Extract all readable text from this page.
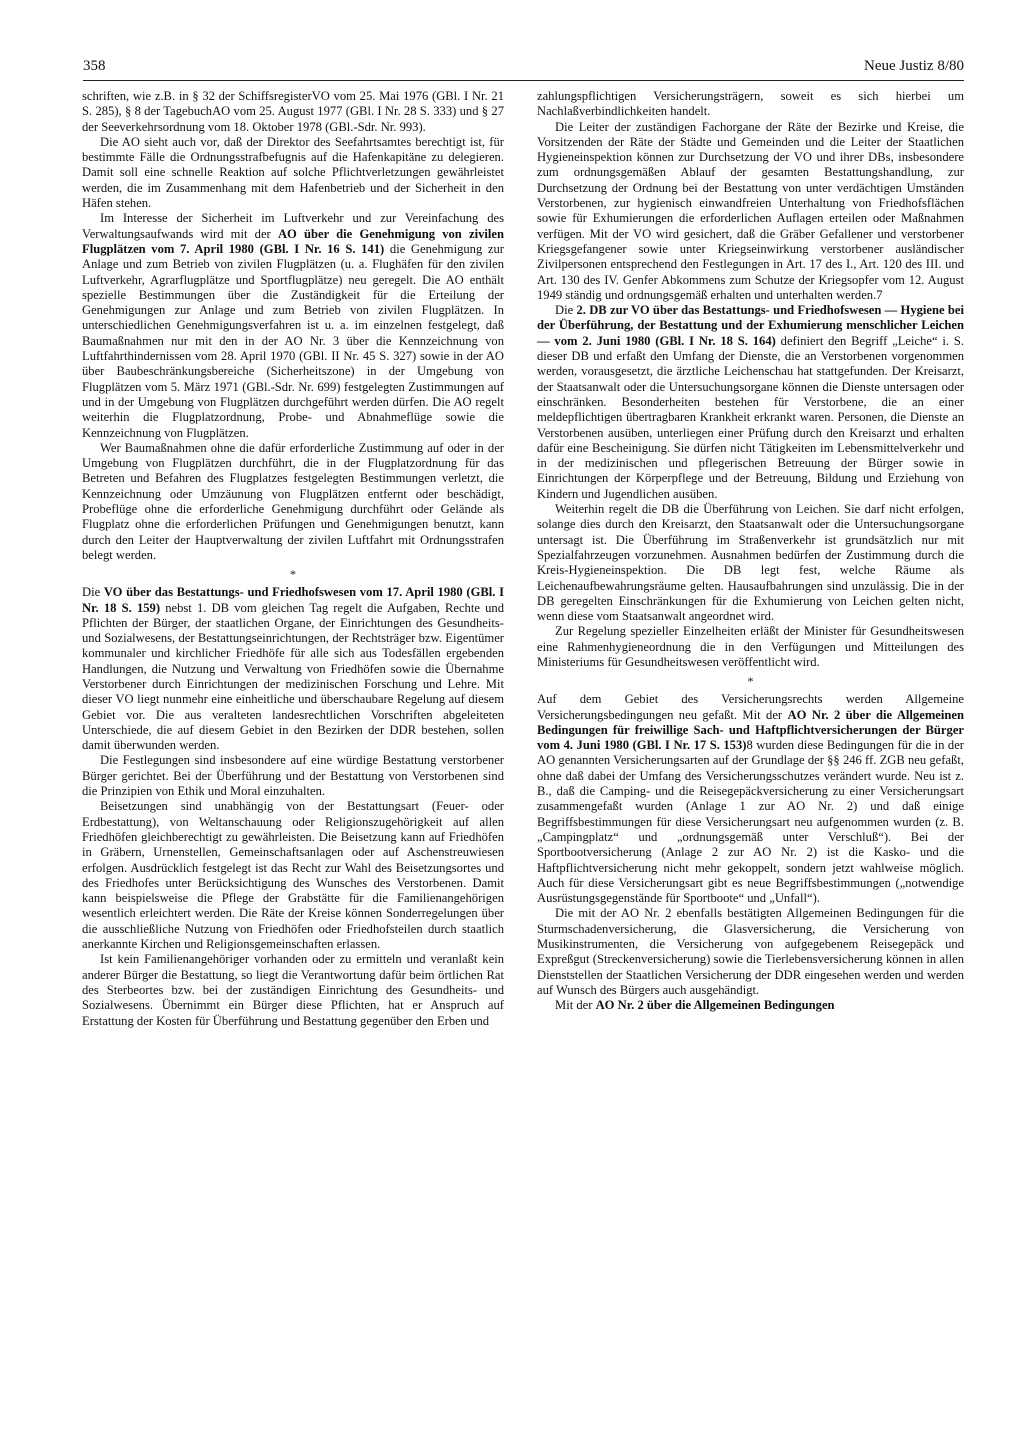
358	Neue Justiz 8/80

schriften, wie z.B. in § 32 der SchiffsregisterVO vom 25. Mai 1976 (GBl. I Nr. 21 S. 285), § 8 der TagebuchAO vom 25. August 1977 (GBl. I Nr. 28 S. 333) und § 27 der Seeverkehrsordnung vom 18. Oktober 1978 (GBl.-Sdr. Nr. 993).

Die AO sieht auch vor, daß der Direktor des Seefahrtsamtes berechtigt ist, für bestimmte Fälle die Ordnungsstrafbefugnis auf die Hafenkapitäne zu delegieren. Damit soll eine schnelle Reaktion auf solche Pflichtverletzungen gewährleistet werden, die im Zusammenhang mit dem Hafenbetrieb und der Sicherheit in den Häfen stehen.

Im Interesse der Sicherheit im Luftverkehr und zur Vereinfachung des Verwaltungsaufwands wird mit der AO über die Genehmigung von zivilen Flugplätzen vom 7. April 1980 (GBl. I Nr. 16 S. 141) die Genehmigung zur Anlage und zum Betrieb von zivilen Flugplätzen (u. a. Flughäfen für den zivilen Luftverkehr, Agrarflugplätze und Sportflugplätze) neu geregelt. Die AO enthält spezielle Bestimmungen über die Zuständigkeit für die Erteilung der Genehmigungen zur Anlage und zum Betrieb von zivilen Flugplätzen. In unterschiedlichen Genehmigungsverfahren ist u. a. im einzelnen festgelegt, daß Baumaßnahmen nur mit den in der AO Nr. 3 über die Kennzeichnung von Luftfahrthindernissen vom 28. April 1970 (GBl. II Nr. 45 S. 327) sowie in der AO über Baubeschränkungsbereiche (Sicherheitszone) in der Umgebung von Flugplätzen vom 5. März 1971 (GBl.-Sdr. Nr. 699) festgelegten Zustimmungen auf und in der Umgebung von Flugplätzen durchgeführt werden dürfen. Die AO regelt weiterhin die Flugplatzordnung, Probe- und Abnahmeflüge sowie die Kennzeichnung von Flugplätzen.

Wer Baumaßnahmen ohne die dafür erforderliche Zustimmung auf oder in der Umgebung von Flugplätzen durchführt, die in der Flugplatzordnung für das Betreten und Befahren des Flugplatzes festgelegten Bestimmungen verletzt, die Kennzeichnung oder Umzäunung von Flugplätzen entfernt oder beschädigt, Probeflüge ohne die erforderliche Genehmigung durchführt oder Gelände als Flugplatz ohne die erforderlichen Prüfungen und Genehmigungen benutzt, kann durch den Leiter der Hauptverwaltung der zivilen Luftfahrt mit Ordnungsstrafen belegt werden.

*

Die VO über das Bestattungs- und Friedhofswesen vom 17. April 1980 (GBl. I Nr. 18 S. 159) nebst 1. DB vom gleichen Tag regelt die Aufgaben, Rechte und Pflichten der Bürger, der staatlichen Organe, der Einrichtungen des Gesundheits- und Sozialwesens, der Bestattungseinrichtungen, der Rechtsträger bzw. Eigentümer kommunaler und kirchlicher Friedhöfe für alle sich aus Todesfällen ergebenden Handlungen, die Nutzung und Verwaltung von Friedhöfen sowie die Übernahme Verstorbener durch Einrichtungen der medizinischen Forschung und Lehre. Mit dieser VO liegt nunmehr eine einheitliche und überschaubare Regelung auf diesem Gebiet vor. Die aus veralteten landesrechtlichen Vorschriften abgeleiteten Unterschiede, die auf diesem Gebiet in den Bezirken der DDR bestehen, sollen damit überwunden werden.

Die Festlegungen sind insbesondere auf eine würdige Bestattung verstorbener Bürger gerichtet. Bei der Überführung und der Bestattung von Verstorbenen sind die Prinzipien von Ethik und Moral einzuhalten.

Beisetzungen sind unabhängig von der Bestattungsart (Feuer- oder Erdbestattung), von Weltanschauung oder Religionszugehörigkeit auf allen Friedhöfen gleichberechtigt zu gewährleisten. Die Beisetzung kann auf Friedhöfen in Gräbern, Urnenstellen, Gemeinschaftsanlagen oder auf Aschenstreuwiesen erfolgen. Ausdrücklich festgelegt ist das Recht zur Wahl des Beisetzungsortes und des Friedhofes unter Berücksichtigung des Wunsches des Verstorbenen. Damit kann beispielsweise die Pflege der Grabstätte für die Familienangehörigen wesentlich erleichtert werden. Die Räte der Kreise können Sonderregelungen über die ausschließliche Nutzung von Friedhöfen oder Friedhofsteilen durch staatlich anerkannte Kirchen und Religionsgemeinschaften erlassen.

Ist kein Familienangehöriger vorhanden oder zu ermitteln und veranlaßt kein anderer Bürger die Bestattung, so liegt die Verantwortung dafür beim örtlichen Rat des Sterbeortes bzw. bei der zuständigen Einrichtung des Gesundheits- und Sozialwesens. Übernimmt ein Bürger diese Pflichten, hat er Anspruch auf Erstattung der Kosten für Überführung und Bestattung gegenüber den Erben und

zahlungspflichtigen Versicherungsträgern, soweit es sich hierbei um Nachlaßverbindlichkeiten handelt.

Die Leiter der zuständigen Fachorgane der Räte der Bezirke und Kreise, die Vorsitzenden der Räte der Städte und Gemeinden und die Leiter der Staatlichen Hygieneinspektion können zur Durchsetzung der VO und ihrer DBs, insbesondere zum ordnungsgemäßen Ablauf der gesamten Bestattungshandlung, zur Durchsetzung der Ordnung bei der Bestattung von unter verdächtigen Umständen Verstorbenen, zur hygienisch einwandfreien Unterhaltung von Friedhofsflächen sowie für Exhumierungen die erforderlichen Auflagen erteilen oder Maßnahmen verfügen. Mit der VO wird gesichert, daß die Gräber Gefallener und verstorbener Kriegsgefangener sowie unter Kriegseinwirkung verstorbener ausländischer Zivilpersonen entsprechend den Festlegungen in Art. 17 des I., Art. 120 des III. und Art. 130 des IV. Genfer Abkommens zum Schutze der Kriegsopfer vom 12. August 1949 ständig und ordnungsgemäß erhalten und unterhalten werden.7

Die 2. DB zur VO über das Bestattungs- und Friedhofswesen — Hygiene bei der Überführung, der Bestattung und der Exhumierung menschlicher Leichen — vom 2. Juni 1980 (GBl. I Nr. 18 S. 164) definiert den Begriff „Leiche“ i. S. dieser DB und erfaßt den Umfang der Dienste, die an Verstorbenen vorgenommen werden, vorausgesetzt, die ärztliche Leichenschau hat stattgefunden. Der Kreisarzt, der Staatsanwalt oder die Untersuchungsorgane können die Dienste untersagen oder einschränken. Besonderheiten bestehen für Verstorbene, die an einer meldepflichtigen übertragbaren Krankheit erkrankt waren. Personen, die Dienste an Verstorbenen ausüben, unterliegen einer Prüfung durch den Kreisarzt und erhalten dafür eine Bescheinigung. Sie dürfen nicht Tätigkeiten im Lebensmittelverkehr und in der medizinischen und pflegerischen Betreuung der Bürger sowie in Einrichtungen der Körperpflege und der Betreuung, Bildung und Erziehung von Kindern und Jugendlichen ausüben.

Weiterhin regelt die DB die Überführung von Leichen. Sie darf nicht erfolgen, solange dies durch den Kreisarzt, den Staatsanwalt oder die Untersuchungsorgane untersagt ist. Die Überführung im Straßenverkehr ist grundsätzlich nur mit Spezialfahrzeugen vorzunehmen. Ausnahmen bedürfen der Zustimmung durch die Kreis-Hygieneinspektion. Die DB legt fest, welche Räume als Leichenaufbewahrungsräume gelten. Hausaufbahrungen sind unzulässig. Die in der DB geregelten Einschränkungen für die Exhumierung von Leichen gelten nicht, wenn diese vom Staatsanwalt angeordnet wird.

Zur Regelung spezieller Einzelheiten erläßt der Minister für Gesundheitswesen eine Rahmenhygieneordnung die in den Verfügungen und Mitteilungen des Ministeriums für Gesundheitswesen veröffentlicht wird.

*

Auf dem Gebiet des Versicherungsrechts werden Allgemeine Versicherungsbedingungen neu gefaßt. Mit der AO Nr. 2 über die Allgemeinen Bedingungen für freiwillige Sach- und Haftpflichtversicherungen der Bürger vom 4. Juni 1980 (GBl. I Nr. 17 S. 153)8 wurden diese Bedingungen für die in der AO genannten Versicherungsarten auf der Grundlage der §§ 246 ff. ZGB neu gefaßt, ohne daß dabei der Umfang des Versicherungsschutzes verändert wurde. Neu ist z. B., daß die Camping- und die Reisegepäckversicherung zu einer Versicherungsart zusammengefaßt wurden (Anlage 1 zur AO Nr. 2) und daß einige Begriffsbestimmungen für diese Versicherungsart neu aufgenommen wurden (z. B. „Campingplatz“ und „ordnungsgemäß unter Verschluß“). Bei der Sportbootversicherung (Anlage 2 zur AO Nr. 2) ist die Kasko- und die Haftpflichtversicherung nicht mehr gekoppelt, sondern jetzt wahlweise möglich. Auch für diese Versicherungsart gibt es neue Begriffsbestimmungen („notwendige Ausrüstungsgegenstände für Sportboote“ und „Unfall“).

Die mit der AO Nr. 2 ebenfalls bestätigten Allgemeinen Bedingungen für die Sturmschadenversicherung, die Glasversicherung, die Versicherung von Musikinstrumenten, die Versicherung von aufgegebenem Reisegepäck und Expreßgut (Streckenversicherung) sowie die Tierlebensversicherung können in allen Dienststellen der Staatlichen Versicherung der DDR eingesehen werden und werden auf Wunsch des Bürgers auch ausgehändigt.

Mit der AO Nr. 2 über die Allgemeinen Bedingungen
